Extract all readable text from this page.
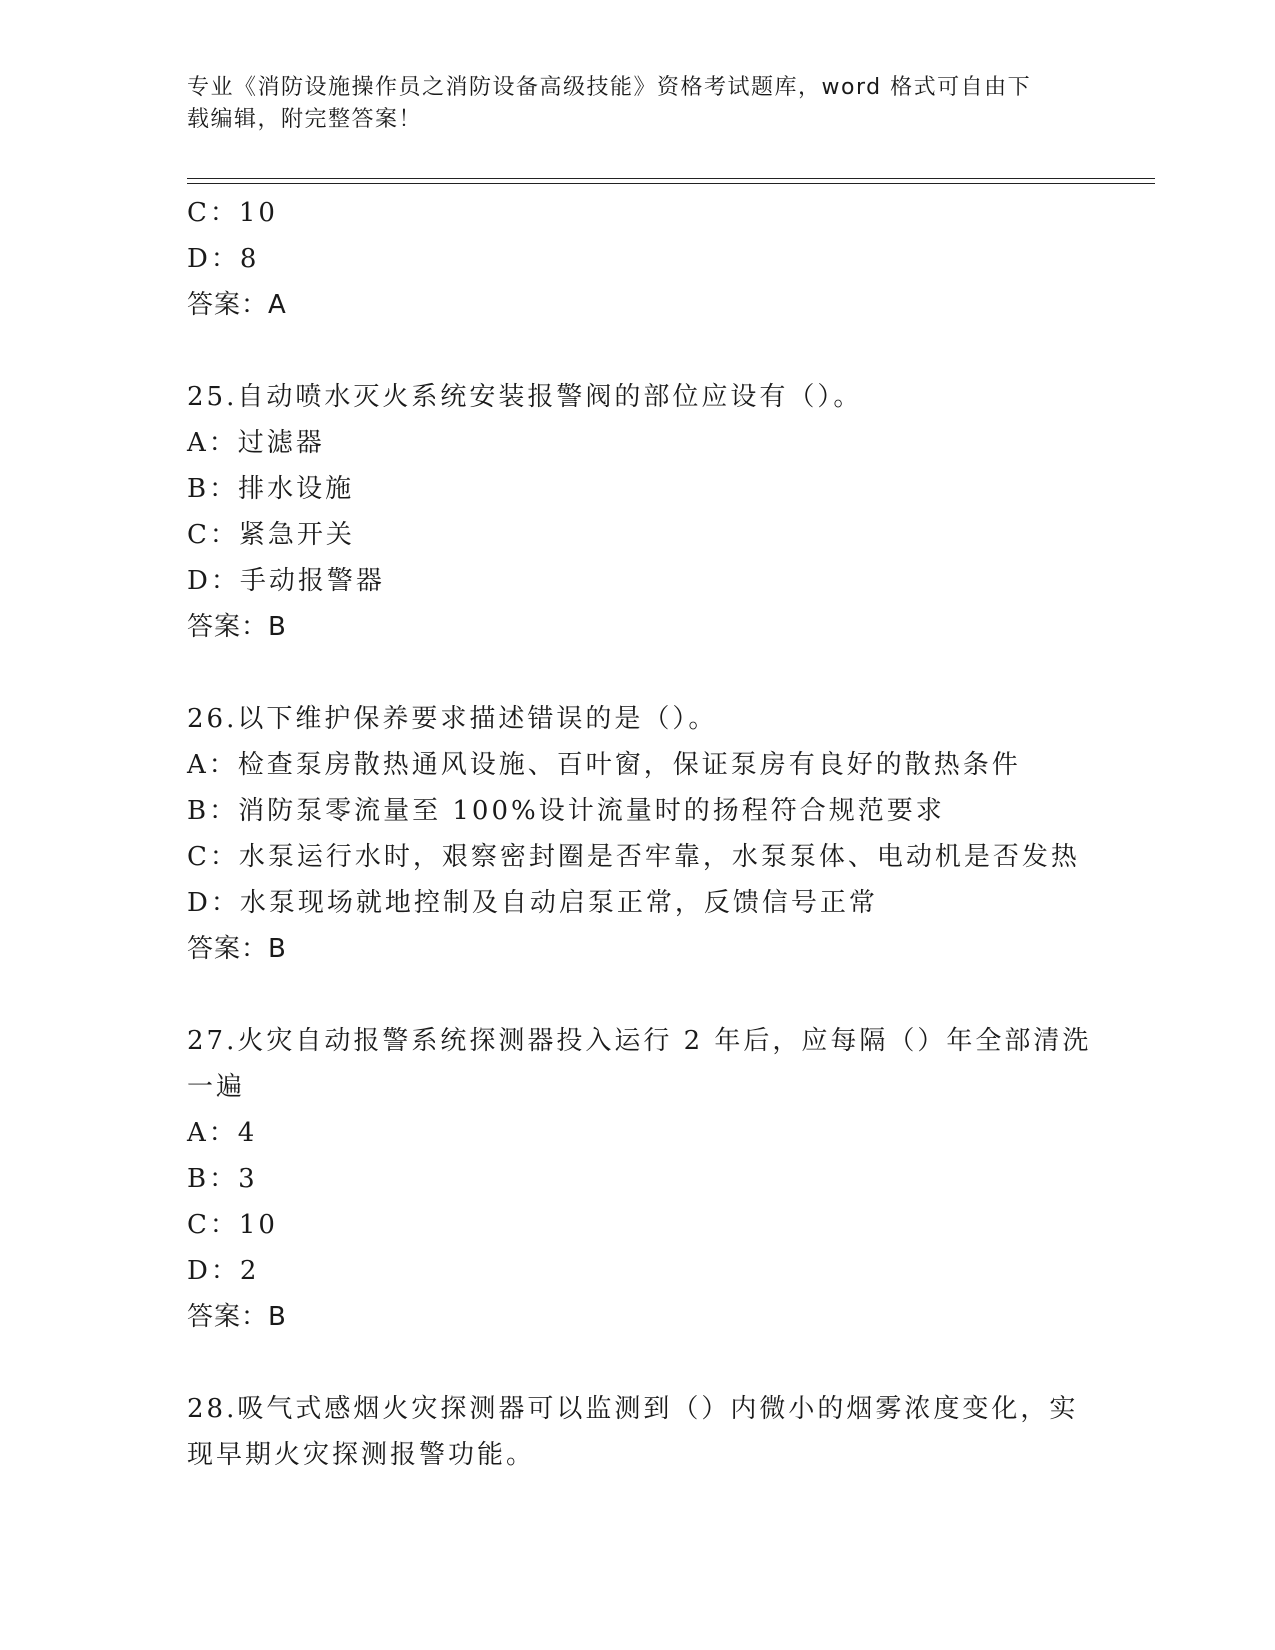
专业《消防设施操作员之消防设备高级技能》资格考试题库，word 格式可自由下
载编辑，附完整答案！
C：10
D：8
答案：A
25.自动喷水灭火系统安装报警阀的部位应设有（）。
A：过滤器
B：排水设施
C：紧急开关
D：手动报警器
答案：B
26.以下维护保养要求描述错误的是（）。
A：检查泵房散热通风设施、百叶窗，保证泵房有良好的散热条件
B：消防泵零流量至 100%设计流量时的扬程符合规范要求
C：水泵运行水时，艰察密封圈是否牢靠，水泵泵体、电动机是否发热
D：水泵现场就地控制及自动启泵正常，反馈信号正常
答案：B
27.火灾自动报警系统探测器投入运行 2 年后，应每隔（）年全部清洗
一遍
A：4
B：3
C：10
D：2
答案：B
28.吸气式感烟火灾探测器可以监测到（）内微小的烟雾浓度变化，实
现早期火灾探测报警功能。
